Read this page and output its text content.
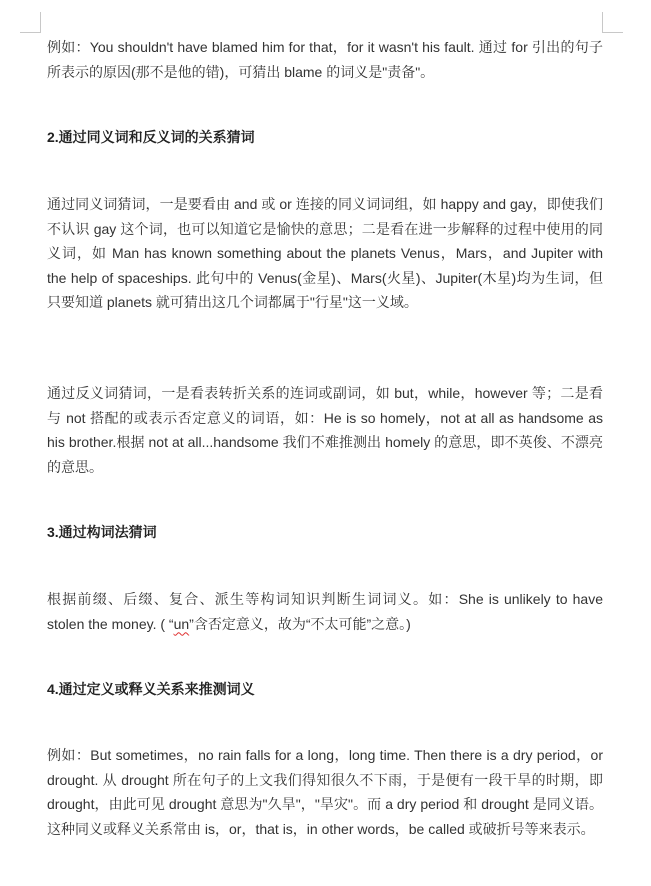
例如：You shouldn't have blamed him for that，for it wasn't his fault. 通过 for 引出的句子所表示的原因(那不是他的错)，可猜出 blame 的词义是"责备"。

2.通过同义词和反义词的关系猜词

通过同义词猜词，一是要看由 and 或 or 连接的同义词词组，如 happy and gay，即使我们不认识 gay 这个词，也可以知道它是愉快的意思；二是看在进一步解释的过程中使用的同义词，如 Man has known something about the planets Venus，Mars，and Jupiter with the help of spaceships. 此句中的 Venus(金星)、Mars(火星)、Jupiter(木星)均为生词，但只要知道 planets 就可猜出这几个词都属于"行星"这一义域。

通过反义词猜词，一是看表转折关系的连词或副词，如 but，while，however 等；二是看与 not 搭配的或表示否定意义的词语，如：He is so homely，not at all as handsome as his brother.根据 not at all...handsome 我们不难推测出 homely 的意思，即不英俊、不漂亮的意思。

3.通过构词法猜词

根据前缀、后缀、复合、派生等构词知识判断生词词义。如：She is unlikely to have stolen the money. ( “un”含否定意义，故为“不太可能”之意。)

4.通过定义或释义关系来推测词义

例如：But sometimes，no rain falls for a long，long time. Then there is a dry period，or drought. 从 drought 所在句子的上文我们得知很久不下雨，于是便有一段干旱的时期，即 drought，由此可见 drought 意思为"久旱"，"旱灾"。而 a dry period 和 drought 是同义语。这种同义或释义关系常由 is，or，that is，in other words，be called 或破折号等来表示。
